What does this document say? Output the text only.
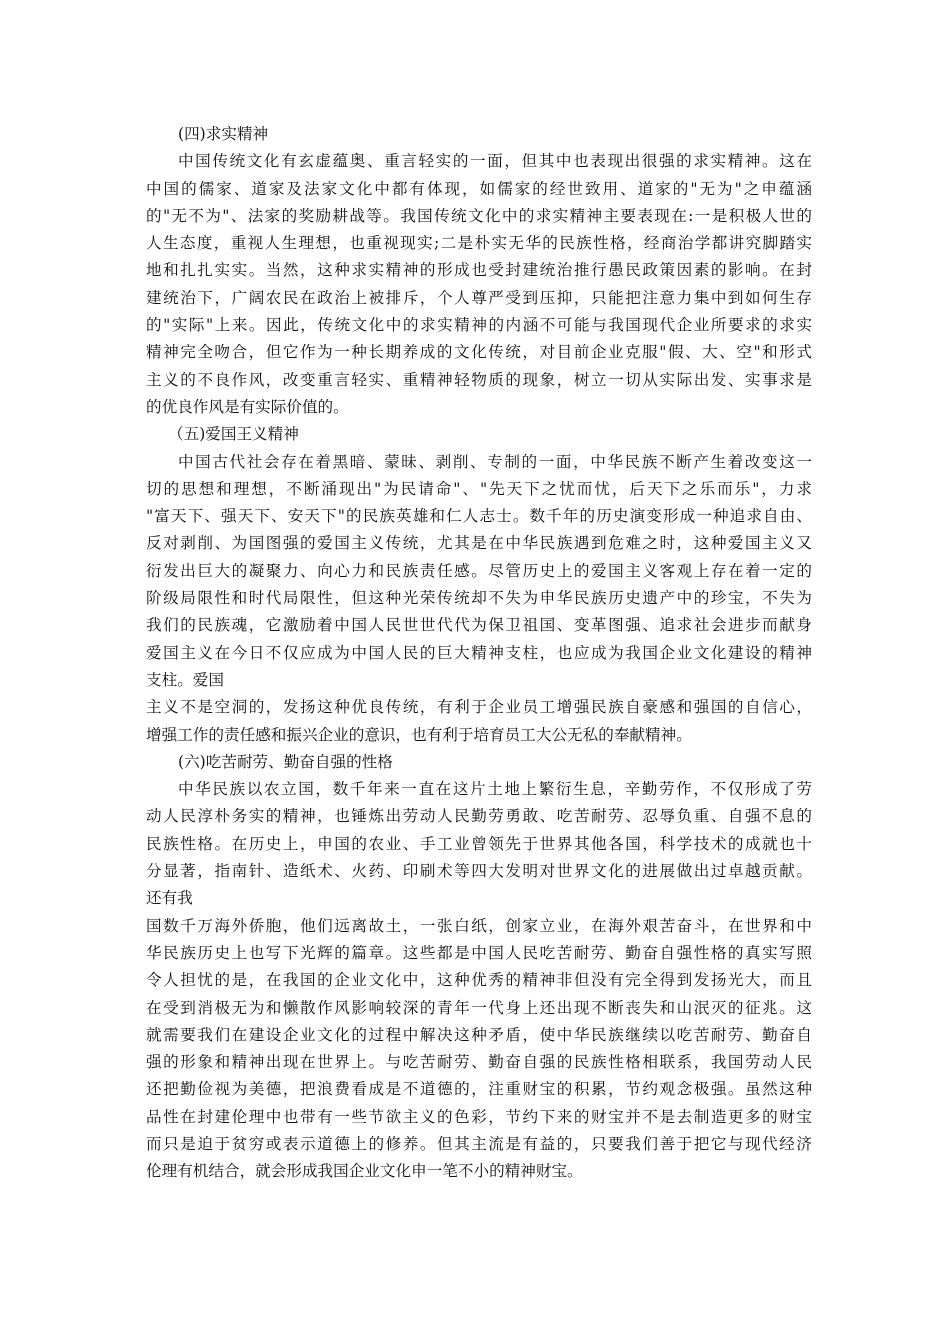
(四)求实精神
中国传统文化有玄虚蕴奥、重言轻实的一面，但其中也表现出很强的求实精神。这在
中国的儒家、道家及法家文化中都有体现，如儒家的经世致用、道家的"无为"之申蕴涵
的"无不为"、法家的奖励耕战等。我国传统文化中的求实精神主要表现在:一是积极人世的
人生态度，重视人生理想，也重视现实;二是朴实无华的民族性格，经商治学都讲究脚踏实
地和扎扎实实。当然，这种求实精神的形成也受封建统治推行愚民政策因素的影响。在封
建统治下，广阔农民在政治上被排斥，个人尊严受到压抑，只能把注意力集中到如何生存
的"实际"上来。因此，传统文化中的求实精神的内涵不可能与我国现代企业所要求的求实
精神完全吻合，但它作为一种长期养成的文化传统，对目前企业克服"假、大、空"和形式
主义的不良作风，改变重言轻实、重精神轻物质的现象，树立一切从实际出发、实事求是
的优良作风是有实际价值的。
（五)爱国王义精神
中国古代社会存在着黑暗、蒙昧、剥削、专制的一面，中华民族不断产生着改变这一
切的思想和理想，不断涌现出"为民请命"、"先天下之忧而忧，后天下之乐而乐"，力求
"富天下、强天下、安天下"的民族英雄和仁人志士。数千年的历史演变形成一种追求自由、
反对剥削、为国图强的爱国主义传统，尤其是在中华民族遇到危难之时，这种爱国主义又
衍发出巨大的凝聚力、向心力和民族责任感。尽管历史上的爱国主义客观上存在着一定的
阶级局限性和时代局限性，但这种光荣传统却不失为申华民族历史遗产中的珍宝，不失为
我们的民族魂，它激励着中国人民世世代代为保卫祖国、变革图强、追求社会进步而献身
爱国主义在今日不仅应成为中国人民的巨大精神支柱，也应成为我国企业文化建设的精神
支柱。爱国
主义不是空洞的，发扬这种优良传统，有利于企业员工增强民族自豪感和强国的自信心，
增强工作的责任感和振兴企业的意识，也有利于培育员工大公无私的奉献精神。
(六)吃苦耐劳、勤奋自强的性格
中华民族以农立国，数千年来一直在这片土地上繁衍生息，辛勤劳作，不仅形成了劳
动人民淳朴务实的精神，也锤炼出劳动人民勤劳勇敢、吃苦耐劳、忍辱负重、自强不息的
民族性格。在历史上，申国的农业、手工业曾领先于世界其他各国，科学技术的成就也十
分显著，指南针、造纸术、火药、印刷术等四大发明对世界文化的进展做出过卓越贡献。
还有我
国数千万海外侨胞，他们远离故土，一张白纸，创家立业，在海外艰苦奋斗，在世界和中
华民族历史上也写下光辉的篇章。这些都是中国人民吃苦耐劳、勤奋自强性格的真实写照
令人担忧的是，在我国的企业文化中，这种优秀的精神非但没有完全得到发扬光大，而且
在受到消极无为和懒散作风影响较深的青年一代身上还出现不断丧失和山泯灭的征兆。这
就需要我们在建设企业文化的过程中解决这种矛盾，使中华民族继续以吃苦耐劳、勤奋自
强的形象和精神出现在世界上。与吃苦耐劳、勤奋自强的民族性格相联系，我国劳动人民
还把勤俭视为美德，把浪费看成是不道德的，注重财宝的积累，节约观念极强。虽然这种
品性在封建伦理中也带有一些节欲主义的色彩，节约下来的财宝并不是去制造更多的财宝
而只是迫于贫穷或表示道德上的修养。但其主流是有益的，只要我们善于把它与现代经济
伦理有机结合，就会形成我国企业文化申一笔不小的精神财宝。
